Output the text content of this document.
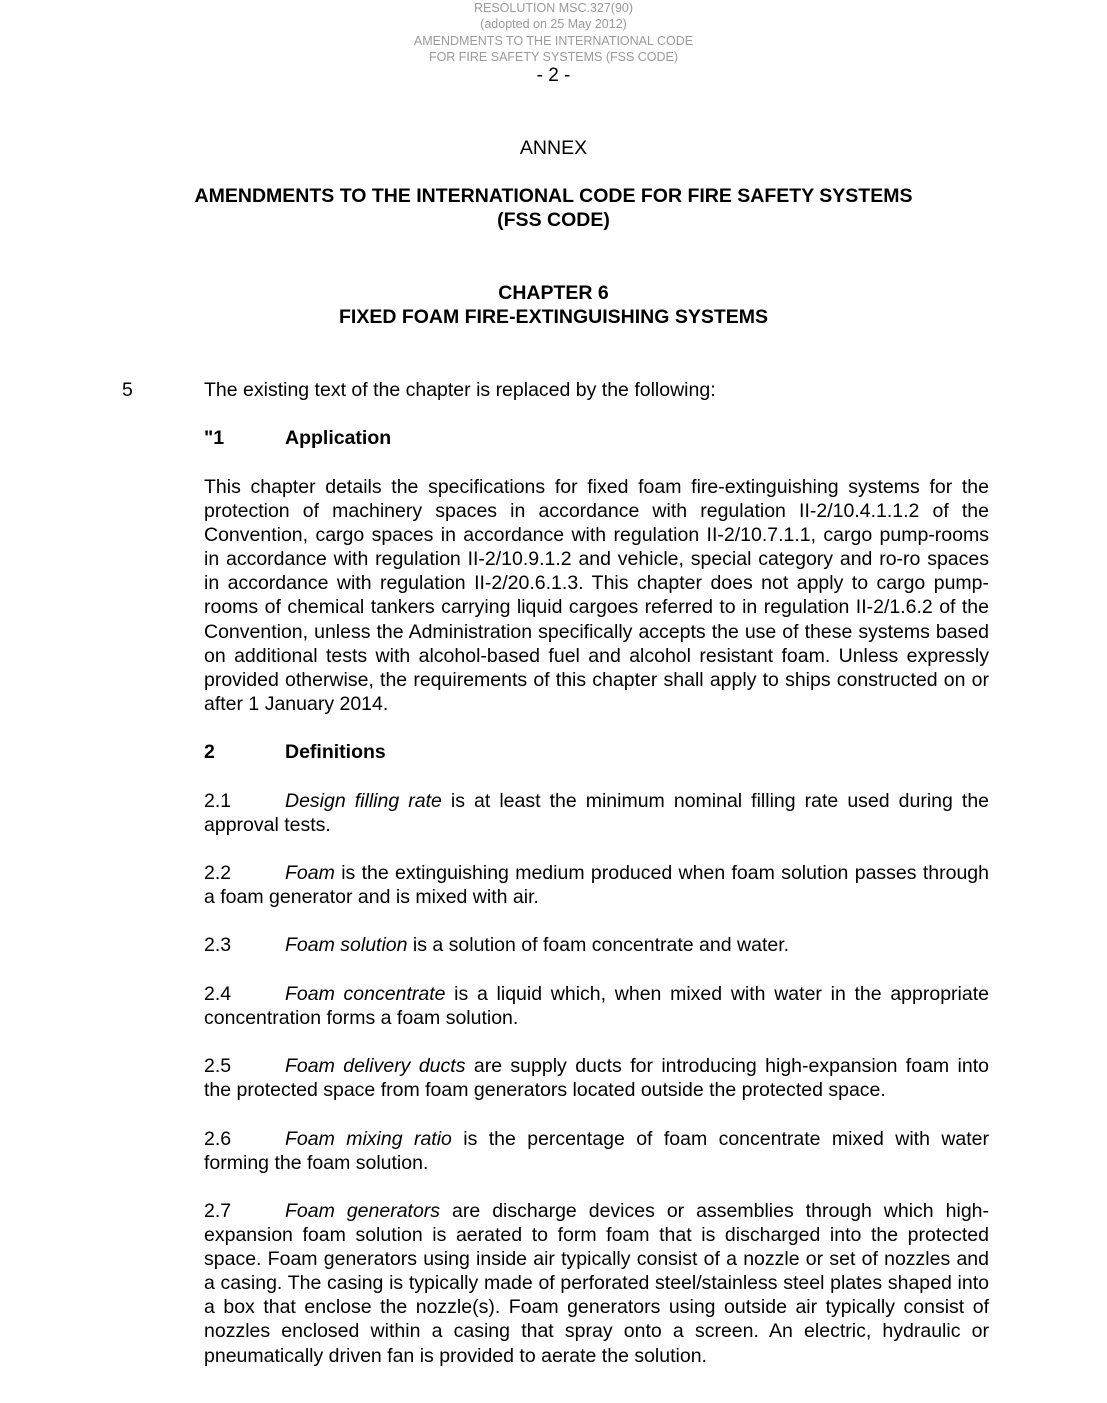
RESOLUTION MSC.327(90)
(adopted on 25 May 2012)
AMENDMENTS TO THE INTERNATIONAL CODE
FOR FIRE SAFETY SYSTEMS (FSS CODE)
- 2 -
ANNEX
AMENDMENTS TO THE INTERNATIONAL CODE FOR FIRE SAFETY SYSTEMS
(FSS CODE)
CHAPTER 6
FIXED FOAM FIRE-EXTINGUISHING SYSTEMS
5	The existing text of the chapter is replaced by the following:
"1	Application
This chapter details the specifications for fixed foam fire-extinguishing systems for the protection of machinery spaces in accordance with regulation II-2/10.4.1.1.2 of the Convention, cargo spaces in accordance with regulation II-2/10.7.1.1, cargo pump-rooms in accordance with regulation II-2/10.9.1.2 and vehicle, special category and ro-ro spaces in accordance with regulation II-2/20.6.1.3. This chapter does not apply to cargo pump-rooms of chemical tankers carrying liquid cargoes referred to in regulation II-2/1.6.2 of the Convention, unless the Administration specifically accepts the use of these systems based on additional tests with alcohol-based fuel and alcohol resistant foam. Unless expressly provided otherwise, the requirements of this chapter shall apply to ships constructed on or after 1 January 2014.
2	Definitions
2.1	Design filling rate is at least the minimum nominal filling rate used during the approval tests.
2.2	Foam is the extinguishing medium produced when foam solution passes through a foam generator and is mixed with air.
2.3	Foam solution is a solution of foam concentrate and water.
2.4	Foam concentrate is a liquid which, when mixed with water in the appropriate concentration forms a foam solution.
2.5	Foam delivery ducts are supply ducts for introducing high-expansion foam into the protected space from foam generators located outside the protected space.
2.6	Foam mixing ratio is the percentage of foam concentrate mixed with water forming the foam solution.
2.7	Foam generators are discharge devices or assemblies through which high-expansion foam solution is aerated to form foam that is discharged into the protected space. Foam generators using inside air typically consist of a nozzle or set of nozzles and a casing. The casing is typically made of perforated steel/stainless steel plates shaped into a box that enclose the nozzle(s). Foam generators using outside air typically consist of nozzles enclosed within a casing that spray onto a screen. An electric, hydraulic or pneumatically driven fan is provided to aerate the solution.
